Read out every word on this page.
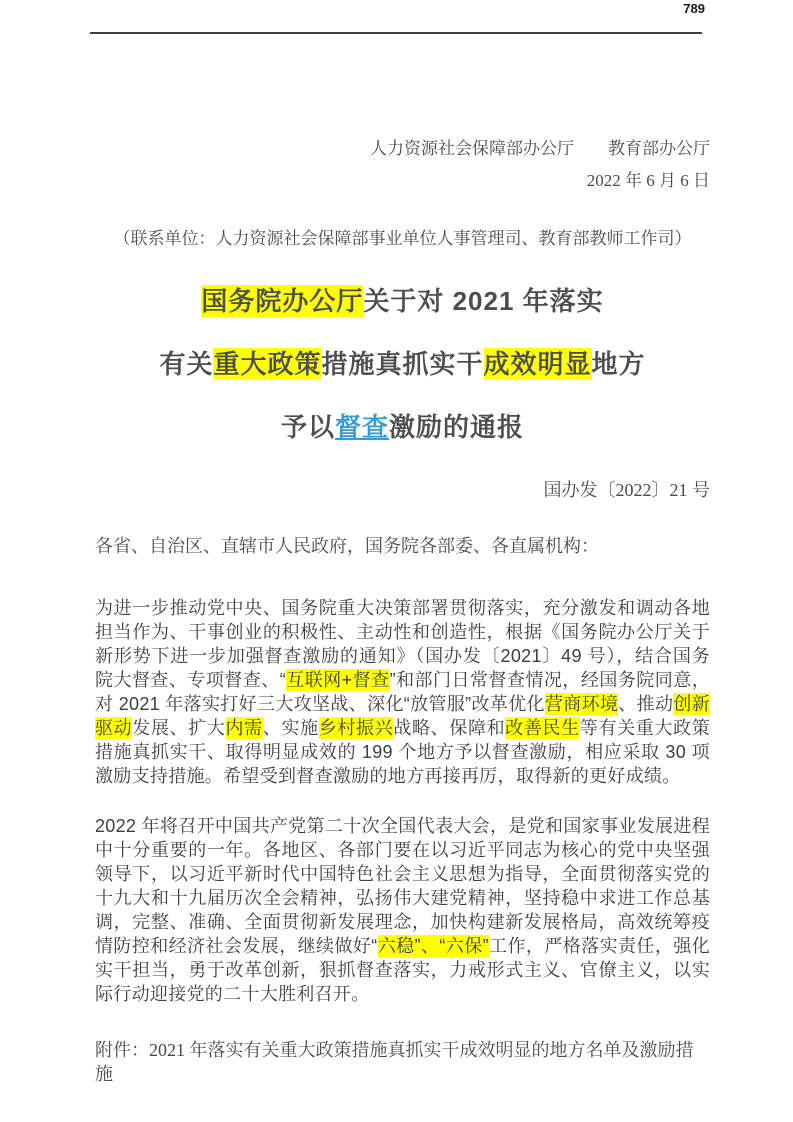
789
人力资源社会保障部办公厅　　教育部办公厅
2022 年 6 月 6 日
（联系单位：人力资源社会保障部事业单位人事管理司、教育部教师工作司）
国务院办公厅关于对 2021 年落实
有关重大政策措施真抓实干成效明显地方
予以督查激励的通报
国办发〔2022〕21 号
各省、自治区、直辖市人民政府，国务院各部委、各直属机构：
为进一步推动党中央、国务院重大决策部署贯彻落实，充分激发和调动各地担当作为、干事创业的积极性、主动性和创造性，根据《国务院办公厅关于新形势下进一步加强督查激励的通知》（国办发〔2021〕49 号），结合国务院大督查、专项督查、“互联网+督查”和部门日常督查情况，经国务院同意，对 2021 年落实打好三大攻坚战、深化“放管服”改革优化营商环境、推动创新驱动发展、扩大内需、实施乡村振兴战略、保障和改善民生等有关重大政策措施真抓实干、取得明显成效的 199 个地方予以督查激励，相应采取 30 项激励支持措施。希望受到督查激励的地方再接再厉，取得新的更好成绩。
2022 年将召开中国共产党第二十次全国代表大会，是党和国家事业发展进程中十分重要的一年。各地区、各部门要在以习近平同志为核心的党中央坚强领导下，以习近平新时代中国特色社会主义思想为指导，全面贯彻落实党的十九大和十九届历次全会精神，弘扬伟大建党精神，坚持稳中求进工作总基调，完整、准确、全面贯彻新发展理念，加快构建新发展格局，高效统筹疫情防控和经济社会发展，继续做好“六稳”、“六保”工作，严格落实责任，强化实干担当，勇于改革创新，狠抓督查落实，力戒形式主义、官僚主义，以实际行动迎接党的二十大胜利召开。
附件：2021 年落实有关重大政策措施真抓实干成效明显的地方名单及激励措施
